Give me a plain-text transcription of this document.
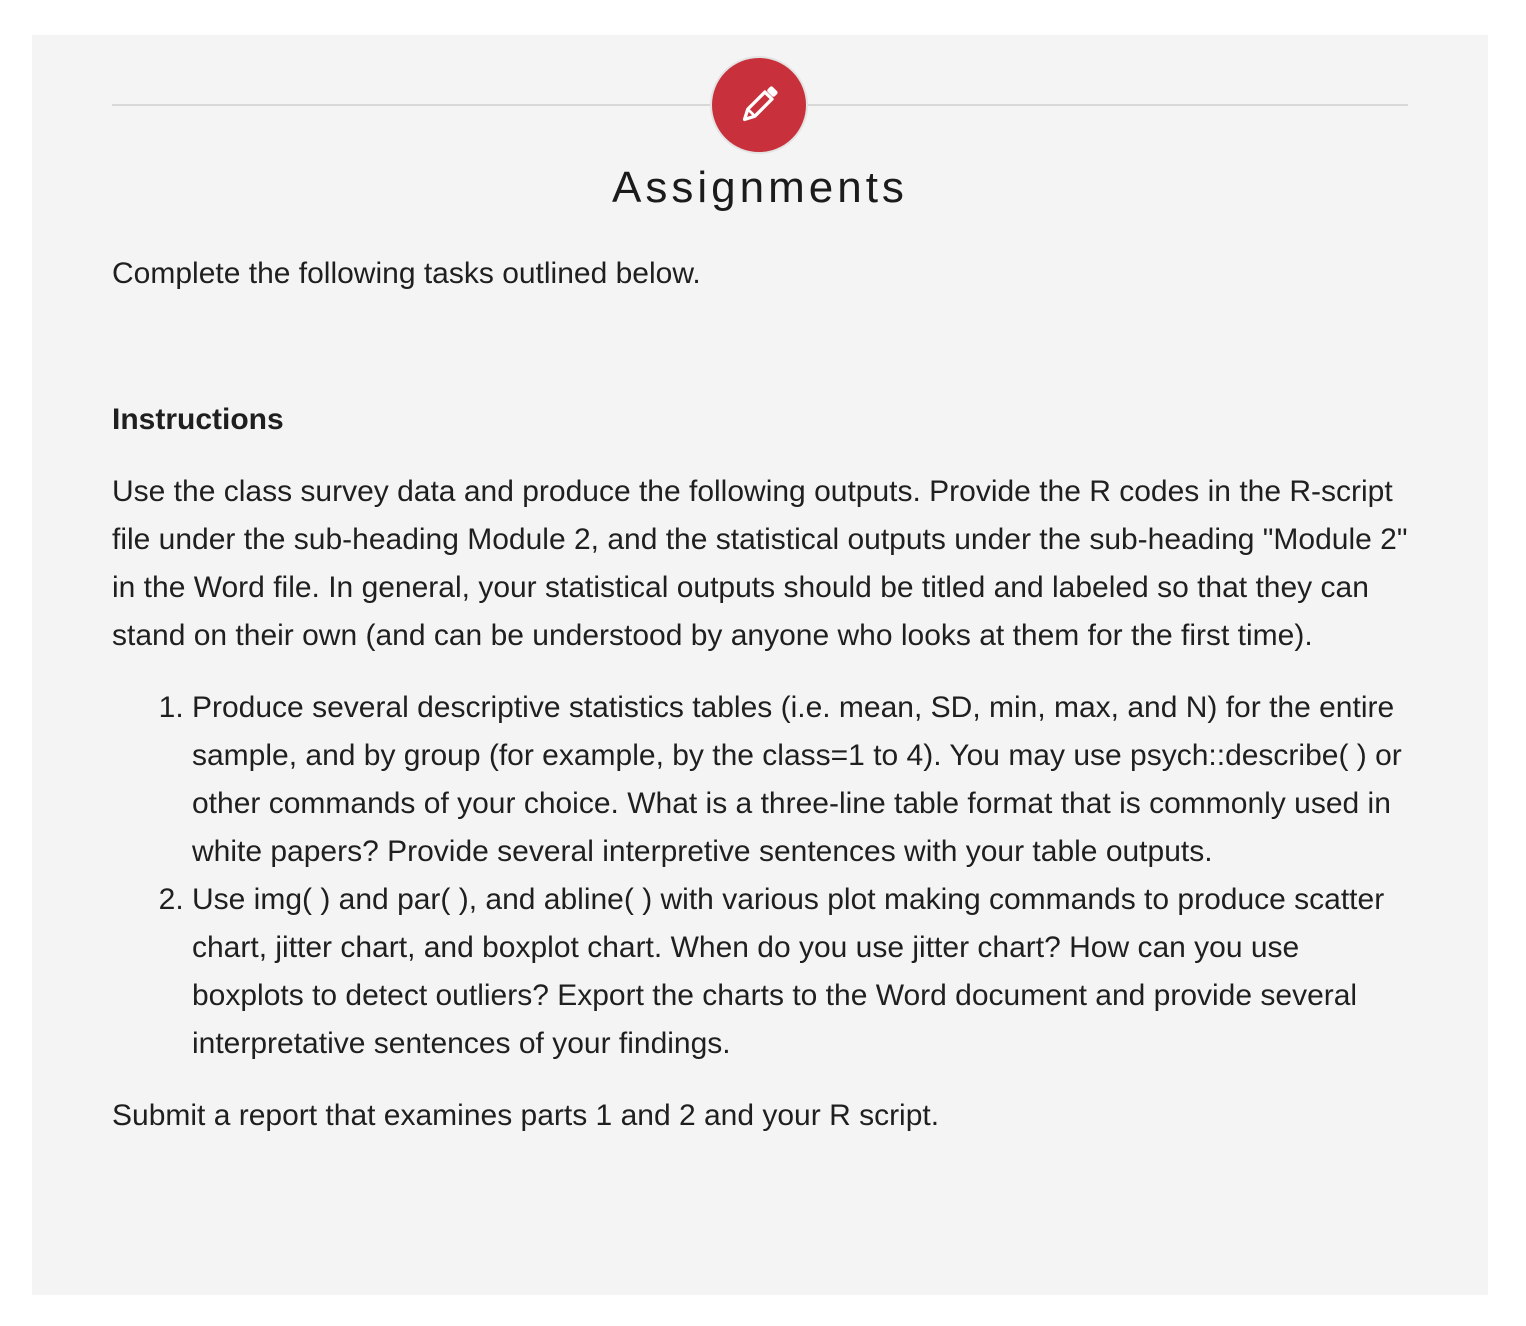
Assignments

Complete the following tasks outlined below.

Instructions

Use the class survey data and produce the following outputs. Provide the R codes in the R-script file under the sub-heading Module 2, and the statistical outputs under the sub-heading "Module 2" in the Word file. In general, your statistical outputs should be titled and labeled so that they can stand on their own (and can be understood by anyone who looks at them for the first time).

1. Produce several descriptive statistics tables (i.e. mean, SD, min, max, and N) for the entire sample, and by group (for example, by the class=1 to 4). You may use psych::describe( ) or other commands of your choice. What is a three-line table format that is commonly used in white papers? Provide several interpretive sentences with your table outputs.
2. Use img( ) and par( ), and abline( ) with various plot making commands to produce scatter chart, jitter chart, and boxplot chart. When do you use jitter chart? How can you use boxplots to detect outliers? Export the charts to the Word document and provide several interpretative sentences of your findings.

Submit a report that examines parts 1 and 2 and your R script.
